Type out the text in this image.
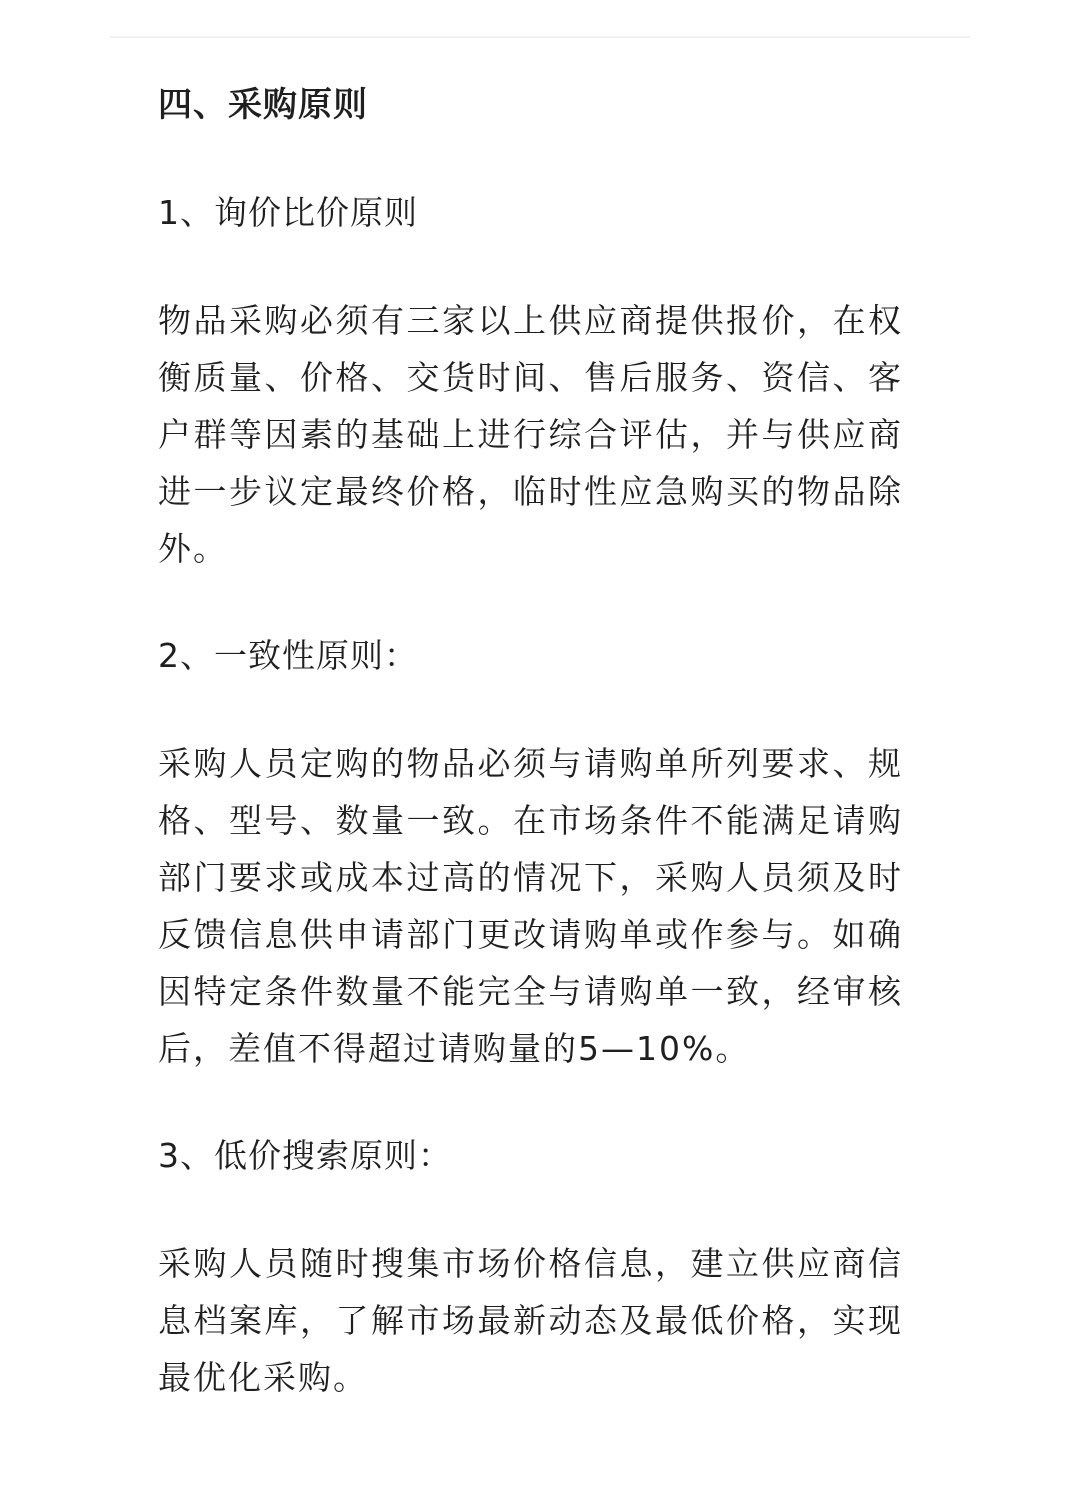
四、采购原则
1、询价比价原则
物品采购必须有三家以上供应商提供报价，在权衡质量、价格、交货时间、售后服务、资信、客户群等因素的基础上进行综合评估，并与供应商进一步议定最终价格，临时性应急购买的物品除外。
2、一致性原则：
采购人员定购的物品必须与请购单所列要求、规格、型号、数量一致。在市场条件不能满足请购部门要求或成本过高的情况下，采购人员须及时反馈信息供申请部门更改请购单或作参与。如确因特定条件数量不能完全与请购单一致，经审核后，差值不得超过请购量的5—10%。
3、低价搜索原则：
采购人员随时搜集市场价格信息，建立供应商信息档案库，了解市场最新动态及最低价格，实现最优化采购。
